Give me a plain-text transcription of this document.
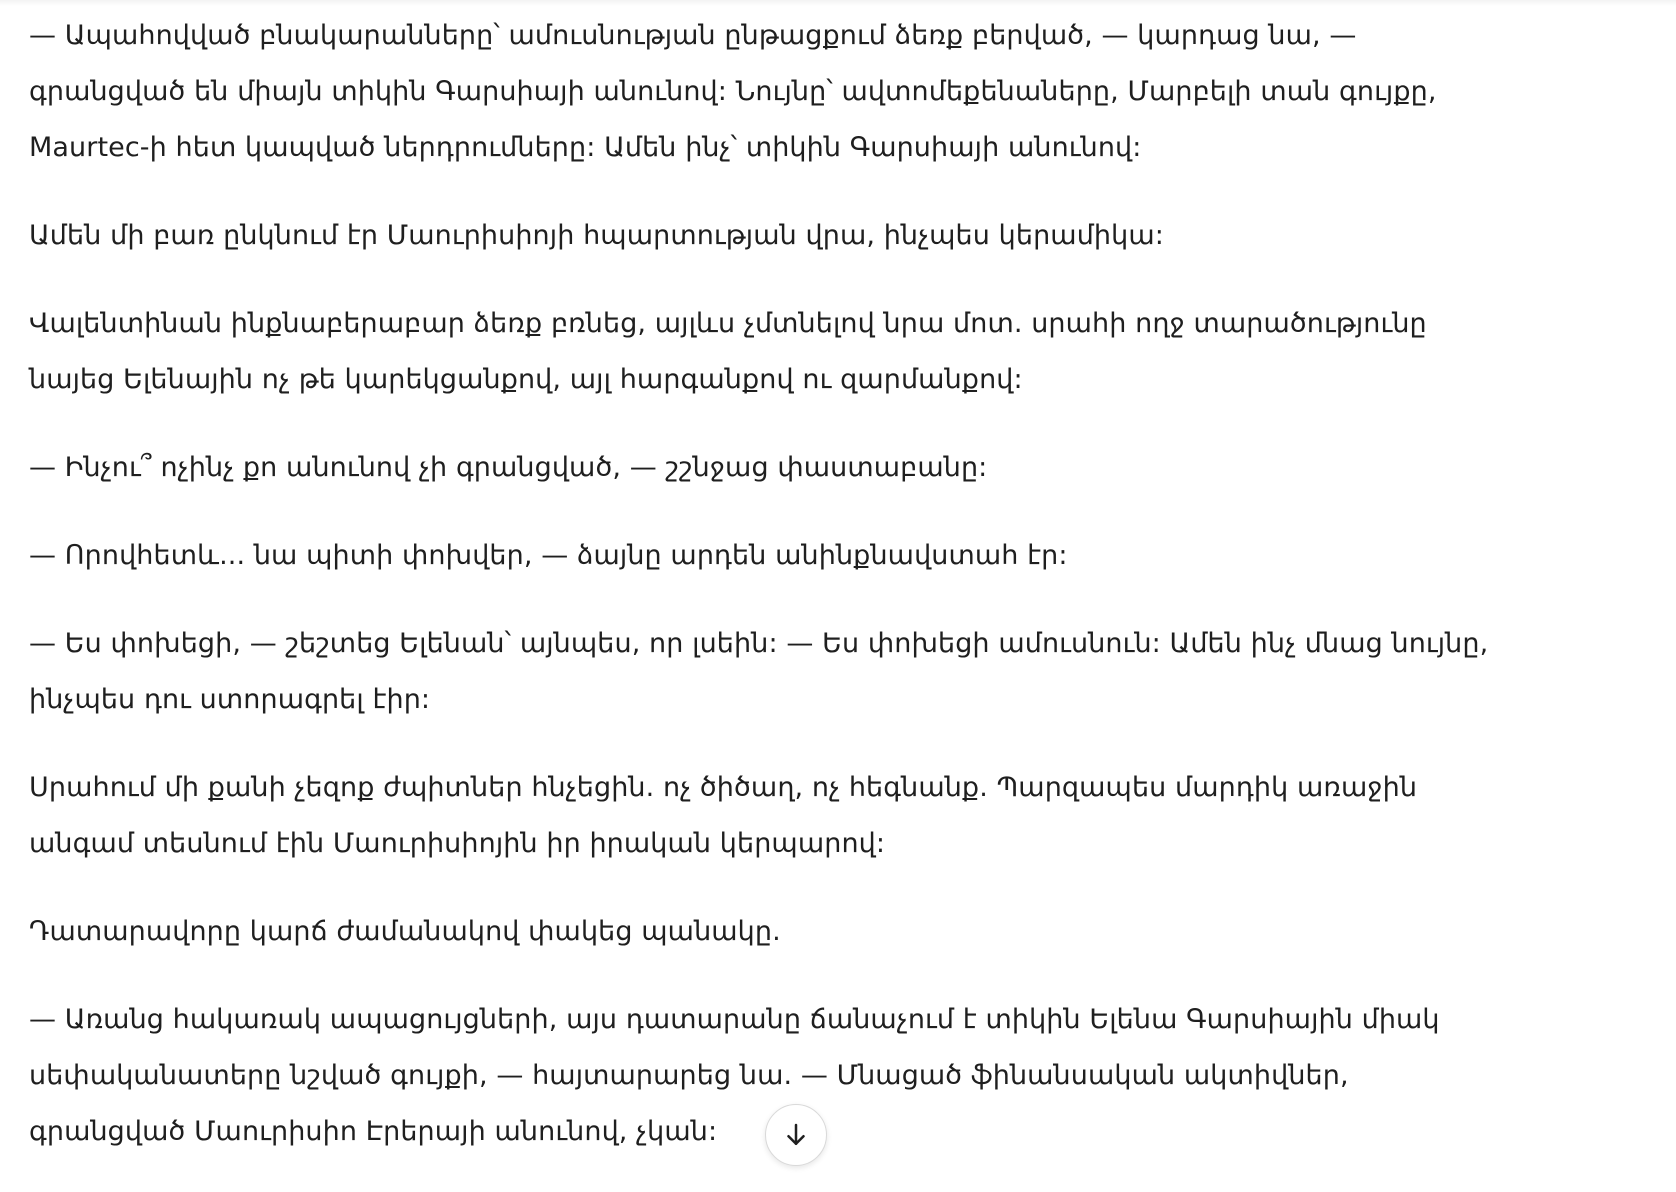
— Ապահովված բնակարանները՝ ամուսնության ընթացքում ձեռք բերված, — կարդաց նա, —
գրանցված են միայն տիկին Գարսիայի անունով: Նույնը՝ ավտոմեքենաները, Մարբելի տան գույքը,
Maurtec-ի հետ կապված ներդրումները: Ամեն ինչ՝ տիկին Գարսիայի անունով:

Ամեն մի բառ ընկնում էր Մաուրիսիոյի հպարտության վրա, ինչպես կերամիկա:

Վալենտինան ինքնաբերաբար ձեռք բռնեց, այլևս չմտնելով նրա մոտ. սրահի ողջ տարածությունը
նայեց Ելենային ոչ թե կարեկցանքով, այլ հարգանքով ու զարմանքով:

— Ինչու՞ ոչինչ քո անունով չի գրանցված, — շշնջաց փաստաբանը:

— Որովհետև... նա պիտի փոխվեր, — ձայնը արդեն անինքնավստահ էր:

— Ես փոխեցի, — շեշտեց Ելենան՝ այնպես, որ լսեին: — Ես փոխեցի ամուսնուն: Ամեն ինչ մնաց նույնը,
ինչպես դու ստորագրել էիր:

Սրահում մի քանի չեզոք ժպիտներ հնչեցին. ոչ ծիծաղ, ոչ հեգնանք. Պարզապես մարդիկ առաջին
անգամ տեսնում էին Մաուրիսիոյին իր իրական կերպարով:

Դատարավորը կարճ ժամանակով փակեց պանակը.

— Առանց հակառակ ապացույցների, այս դատարանը ճանաչում է տիկին Ելենա Գարսիային միակ
սեփականատերը նշված գույքի, — հայտարարեց նա. — Մնացած ֆինանսական ակտիվներ,
գրանցված Մաուրիսիո Էրերայի անունով, չկան:
